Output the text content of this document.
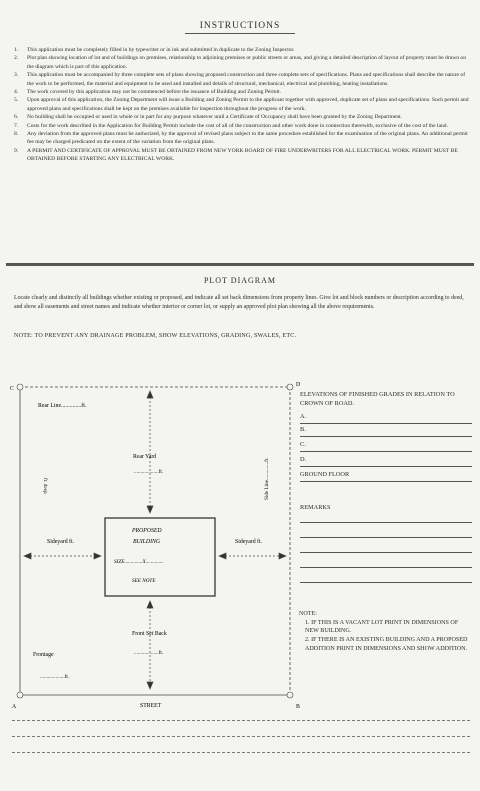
INSTRUCTIONS
1.	This application must be completely filled in by typewriter or in ink and submitted in duplicate to the Zoning Inspector.
2.	Plot plan showing location of lot and of buildings on premises, relationship to adjoining premises or public streets or areas, and giving a detailed description of layout of property must be drawn on the diagram which is part of this application.
3.	This application must be accompanied by three complete sets of plans showing proposed construction and three complete sets of specifications. Plans and specifications shall describe the nature of the work to be performed, the material and equipment to be used and installed and details of structural, mechanical, electrical and plumbing, heating installations.
4.	The work covered by this application may not be commenced before the issuance of Building and Zoning Permit.
5.	Upon approval of this application, the Zoning Department will issue a Building and Zoning Permit to the applicant together with approved, duplicate set of plans and specifications. Such permit and approved plans and specifications shall be kept on the premises available for inspection throughout the progress of the work.
6.	No building shall be occupied or used in whole or in part for any purpose whatever until a Certificate of Occupancy shall have been granted by the Zoning Department.
7.	Costs for the work described in the Application for Building Permit include the cost of all of the construction and other work done in connection therewith, exclusive of the cost of the land.
8.	Any deviation from the approved plans must be authorized, by the approval of revised plans subject to the same procedure established for the examination of the original plans. An additional permit fee may be charged predicated on the extent of the variation from the original plans.
9.	A PERMIT AND CERTIFICATE OF APPROVAL MUST BE OBTAINED FROM NEW YORK BOARD OF FIRE UNDERWRITERS FOR ALL ELECTRICAL WORK. PERMIT MUST BE OBTAINED BEFORE STARTING ANY ELECTRICAL WORK.
PLOT DIAGRAM
Locate clearly and distinctly all buildings whether existing or proposed, and indicate all set back dimensions from property lines. Give lot and block numbers or description according to deed, and show all easements and street names and indicate whether interior or corner lot, or supply an approved plot plan showing all the above requirements.
NOTE: TO PREVENT ANY DRAINAGE PROBLEM, SHOW ELEVATIONS, GRADING, SWALES, ETC.
C
D
A	B
Rear Line..............ft.
ft. deep
Rear Yard
...................ft.	Side Line..............ft.
PROPOSED
BUILDING
SIZE..............X..............
SEE NOTE
Sideyard ft.	Sideyard ft.
Front Set Back
...................ft.
Frontage
...................ft.
STREET
ELEVATIONS OF FINISHED GRADES IN RELATION TO CROWN OF ROAD.
A.
B.
C.
D.
GROUND FLOOR
REMARKS
NOTE:
1. IF THIS IS A VACANT LOT PRINT IN DIMENSIONS OF NEW BUILDING.
2. IF THERE IS AN EXISTING BUILDING AND A PROPOSED ADDITION PRINT IN DIMENSIONS AND SHOW ADDITION.
